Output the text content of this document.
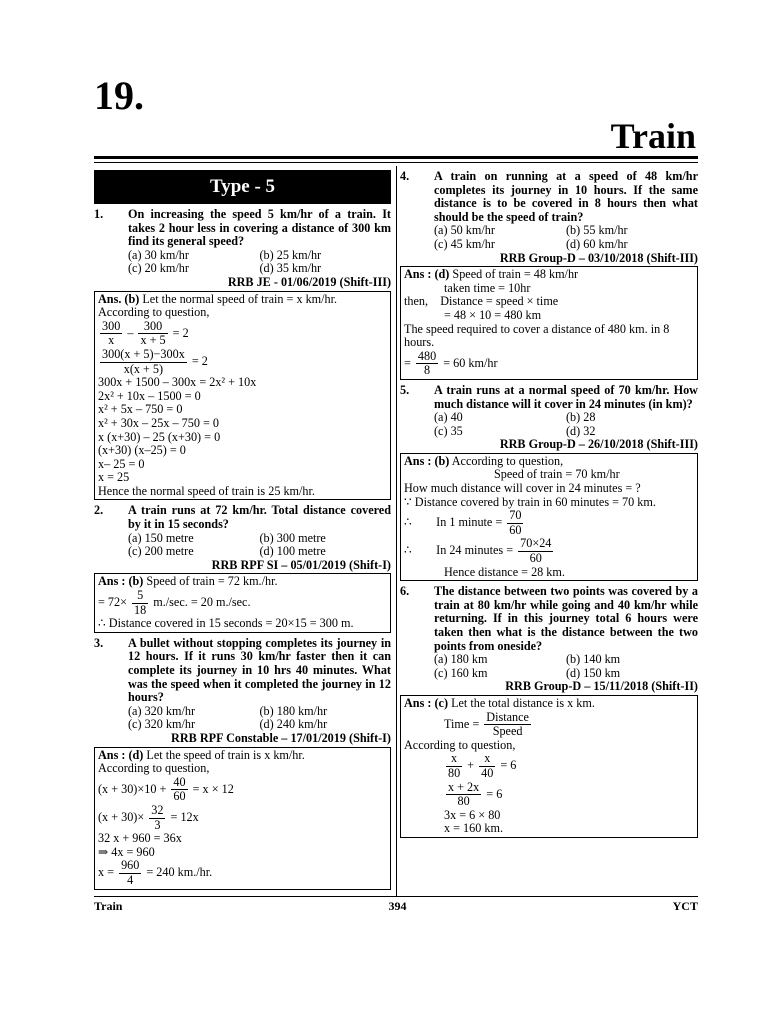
19.
Train
Type - 5
1.	On increasing the speed 5 km/hr of a train. It takes 2 hour less in covering a distance of 300 km find its general speed?
(a) 30 km/hr	(b) 25 km/hr
(c) 20 km/hr	(d) 35 km/hr
RRB JE - 01/06/2019 (Shift-III)

Ans. (b) Let the normal speed of train = x km/hr.

According to question,

$\frac{300}{x} - \frac{300}{x + 5} = 2$

$\frac{300(x + 5)-300x}{x(x + 5)} = 2$

300x + 1500 – 300x = 2x² + 10x

2x² + 10x – 1500 = 0

x² + 5x – 750 = 0

x² + 30x – 25x – 750 = 0

x (x+30) – 25 (x+30) = 0

(x+30) (x–25) = 0

x– 25 = 0

x = 25

Hence the normal speed of train is 25 km/hr.

2.	A train runs at 72 km/hr. Total distance covered by it in 15 seconds?
(a) 150 metre	(b) 300 metre
(c) 200 metre	(d) 100 metre
RRB RPF SI – 05/01/2019 (Shift-I)

Ans : (b) Speed of train = 72 km./hr.

= $72\times \frac{5}{18} m./\sec$. = 20 m./sec.

∴ Distance covered in 15 seconds = 20×15 = 300 m.

3.	A bullet without stopping completes its journey in 12 hours. If it runs 30 km/hr faster then it can complete its journey in 10 hrs 40 minutes. What was the speed when it completed the journey in 12 hours?
(a) 320 km/hr	(b) 180 km/hr
(c) 320 km/hr	(d) 240 km/hr
RRB RPF Constable – 17/01/2019 (Shift-I)

Ans : (d) Let the speed of train is x km/hr.

According to question,

$(x + 30)\times 10 + \frac{40}{60} = x \times 12$

$(x + 30)\times \frac{32}{3} = 12x$

32 x + 960 = 36x

⇒ 4x = 960

$x = \frac{960}{4} = 240$ km./hr.

4.	A train on running at a speed of 48 km/hr completes its journey in 10 hours. If the same distance is to be covered in 8 hours then what should be the speed of train?
(a) 50 km/hr	(b) 55 km/hr
(c) 45 km/hr	(d) 60 km/hr
RRB Group-D – 03/10/2018 (Shift-III)

Ans : (d) Speed of train = 48 km/hr

taken time = 10hr

then, Distance = speed × time

= 48 × 10 = 480 km

The speed required to cover a distance of 480 km. in 8 hours.

= $\frac{480}{8} = 60$ km/hr

5.	A train runs at a normal speed of 70 km/hr. How much distance will it cover in 24 minutes (in km)?
(a) 40	(b) 28
(c) 35	(d) 32
RRB Group-D – 26/10/2018 (Shift-III)

Ans : (b) According to question,

Speed of train = 70 km/hr

How much distance will cover in 24 minutes = ?

∵ Distance covered by train in 60 minutes = 70 km.

∴ In 1 minute = $\frac{70}{60}$

∴ In 24 minutes = $\frac{70\times 24}{60}$

Hence distance = 28 km.

6.	The distance between two points was covered by a train at 80 km/hr while going and 40 km/hr while returning. If in this journey total 6 hours were taken then what is the distance between the two points from oneside?
(a) 180 km	(b) 140 km
(c) 160 km	(d) 150 km
RRB Group-D – 15/11/2018 (Shift-II)

Ans : (c) Let the total distance is x km.

Time = $\frac{\text{Distance}}{\text{Speed}}$

According to question,

$\frac{x}{80} + \frac{x}{40} = 6$

$\frac{x + 2x}{80} = 6$

3x = 6 × 80

x = 160 km.

Train	394	YCT
